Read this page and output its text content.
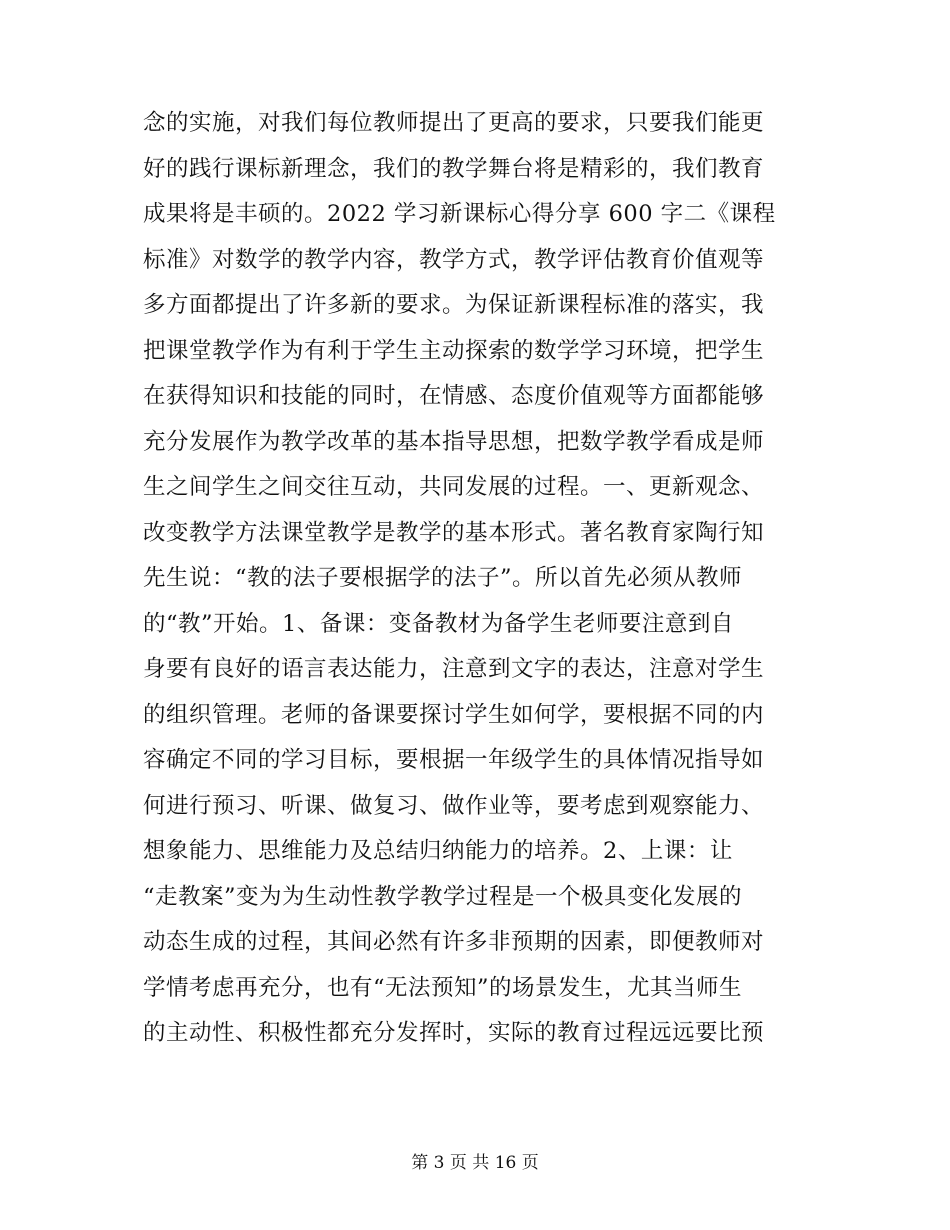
念的实施，对我们每位教师提出了更高的要求，只要我们能更
好的践行课标新理念，我们的教学舞台将是精彩的，我们教育
成果将是丰硕的。2022 学习新课标心得分享 600 字二《课程
标准》对数学的教学内容，教学方式，教学评估教育价值观等
多方面都提出了许多新的要求。为保证新课程标准的落实，我
把课堂教学作为有利于学生主动探索的数学学习环境，把学生
在获得知识和技能的同时，在情感、态度价值观等方面都能够
充分发展作为教学改革的基本指导思想，把数学教学看成是师
生之间学生之间交往互动，共同发展的过程。一、更新观念、
改变教学方法课堂教学是教学的基本形式。著名教育家陶行知
先生说：“教的法子要根据学的法子”。所以首先必须从教师
的“教”开始。1、备课：变备教材为备学生老师要注意到自
身要有良好的语言表达能力，注意到文字的表达，注意对学生
的组织管理。老师的备课要探讨学生如何学，要根据不同的内
容确定不同的学习目标，要根据一年级学生的具体情况指导如
何进行预习、听课、做复习、做作业等，要考虑到观察能力、
想象能力、思维能力及总结归纳能力的培养。2、上课：让
“走教案”变为为生动性教学教学过程是一个极具变化发展的
动态生成的过程，其间必然有许多非预期的因素，即便教师对
学情考虑再充分，也有“无法预知”的场景发生，尤其当师生
的主动性、积极性都充分发挥时，实际的教育过程远远要比预
第 3 页 共 16 页
